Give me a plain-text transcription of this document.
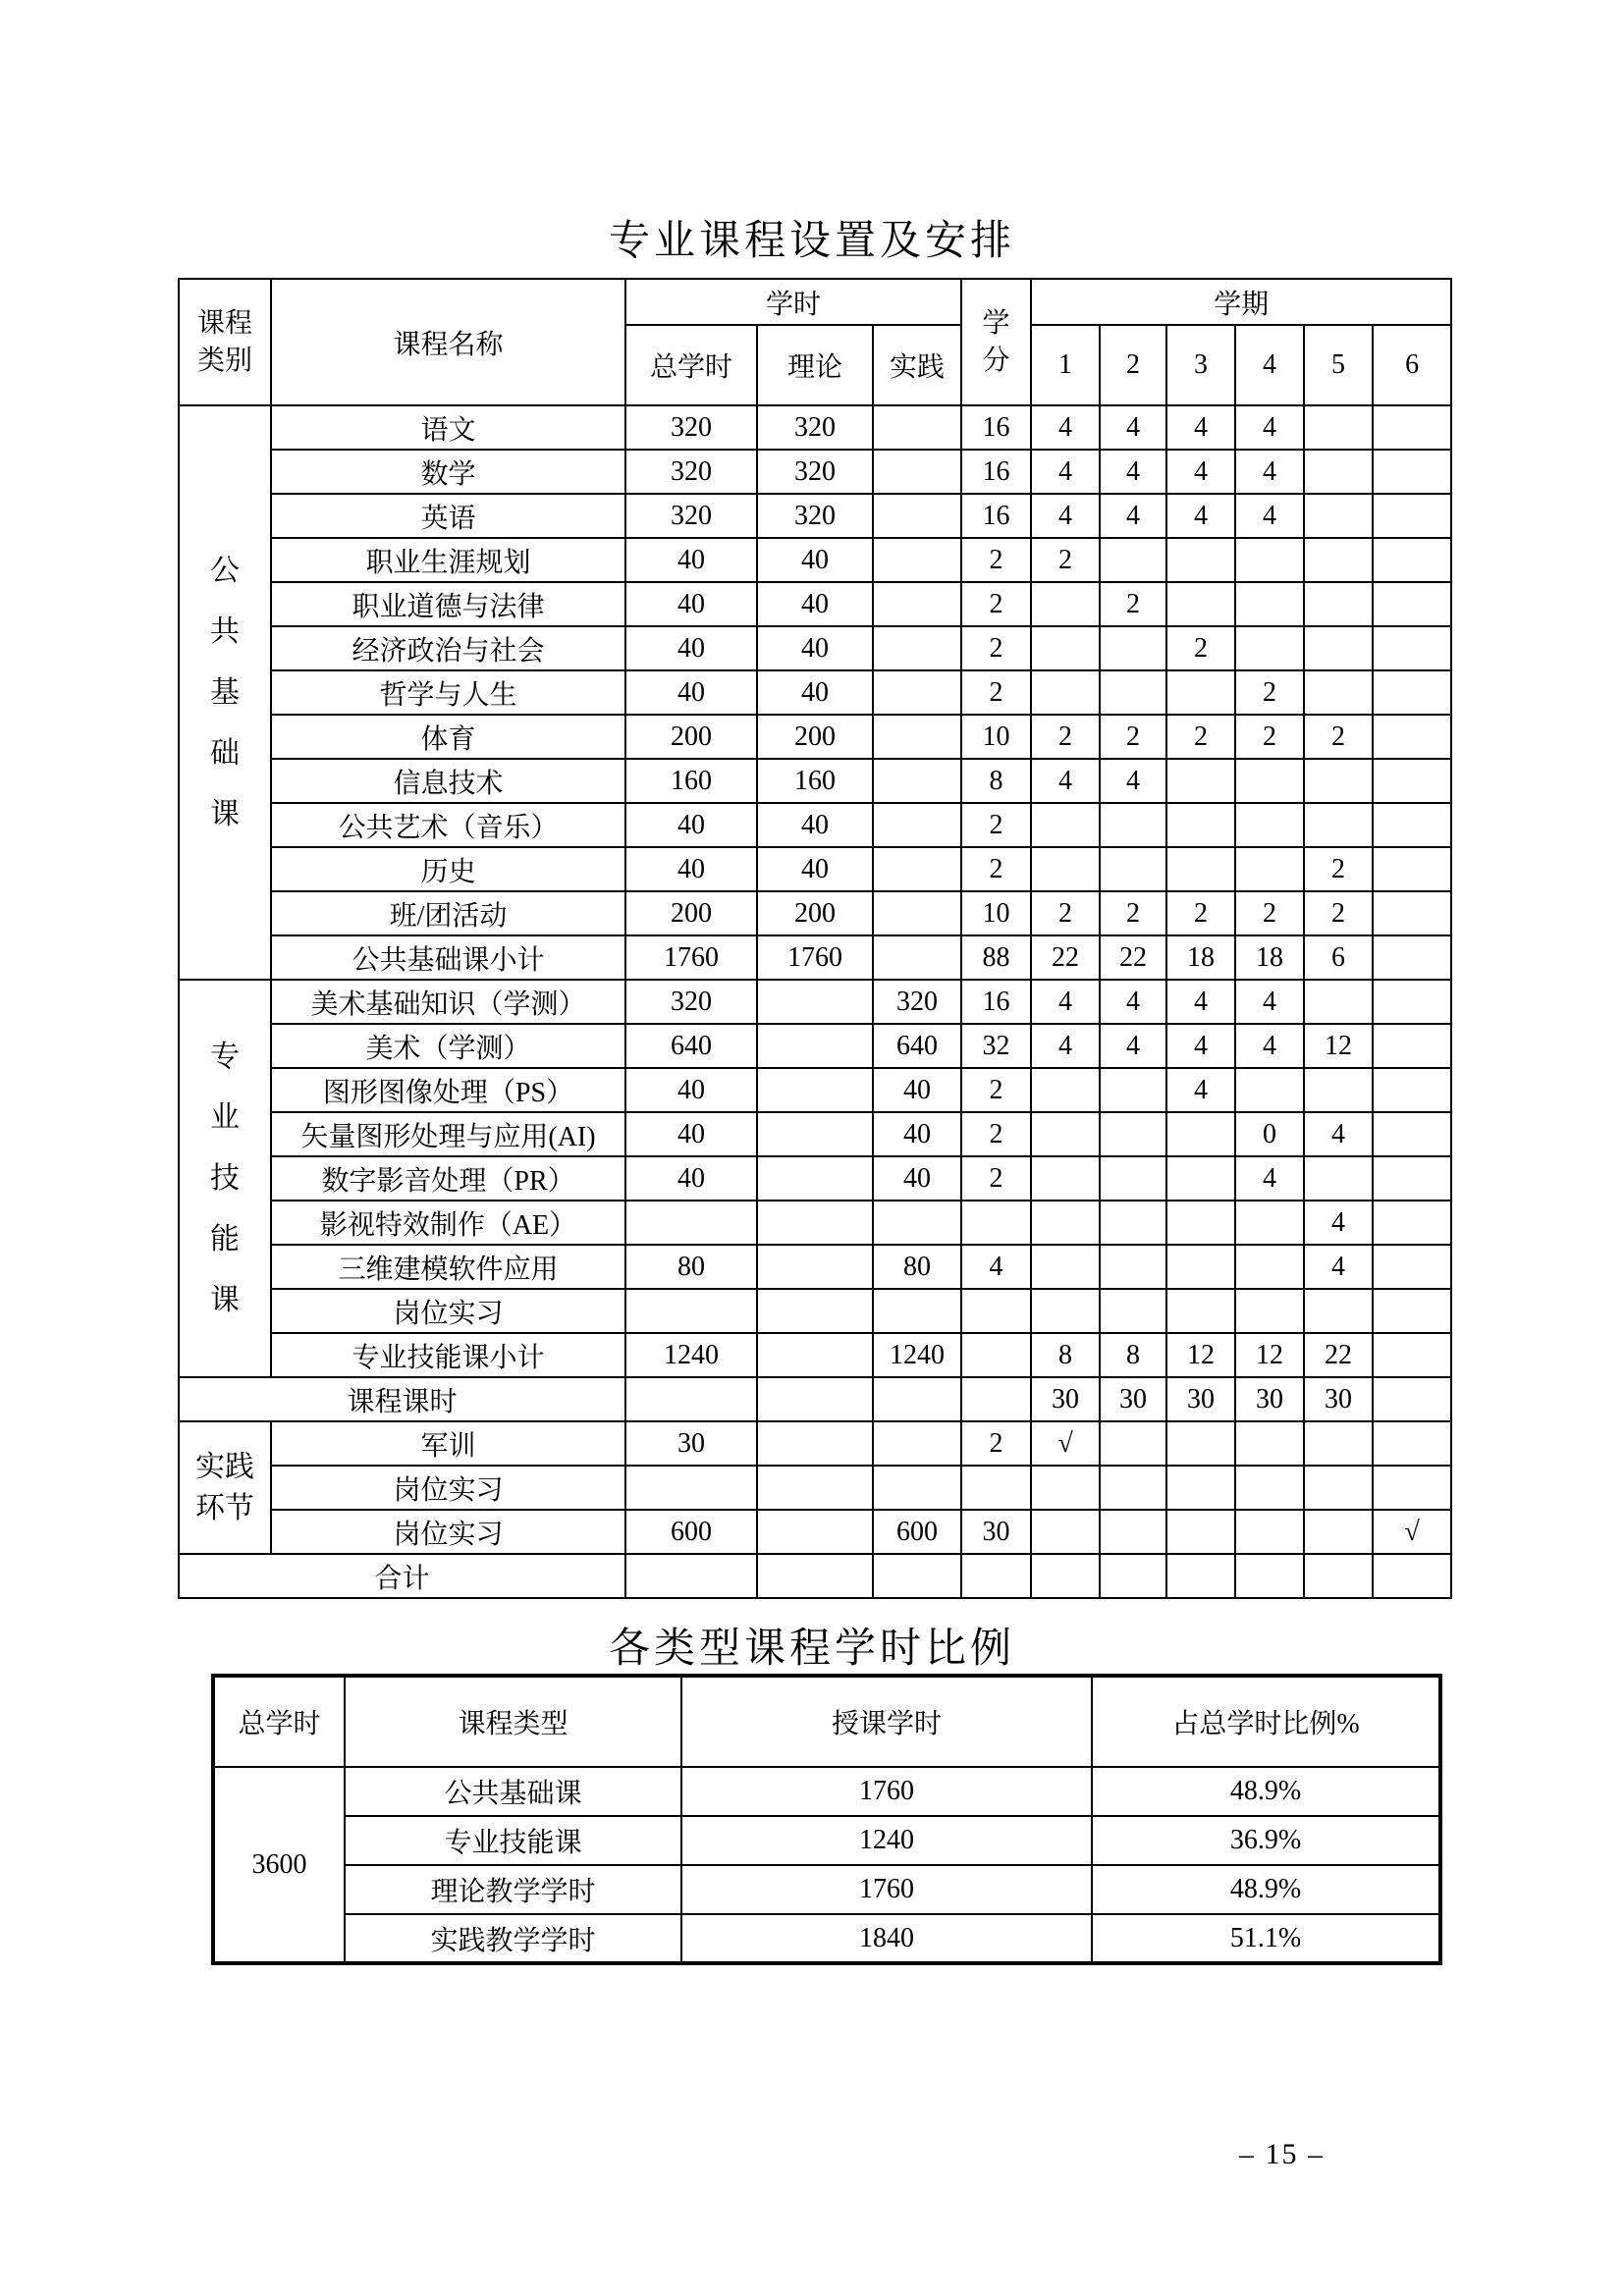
专业课程设置及安排
课程类别	课程名称	学时			学分	学期					
		总学时	理论	实践		1	2	3	4	5	6
公共基础课	语文	320	320		16	4	4	4	4		
	数学	320	320		16	4	4	4	4		
	英语	320	320		16	4	4	4	4		
	职业生涯规划	40	40		2	2					
	职业道德与法律	40	40		2		2				
	经济政治与社会	40	40		2			2			
	哲学与人生	40	40		2				2		
	体育	200	200		10	2	2	2	2	2	
	信息技术	160	160		8	4	4				
	公共艺术（音乐）	40	40		2						
	历史	40	40		2					2	
	班/团活动	200	200		10	2	2	2	2	2	
	公共基础课小计	1760	1760		88	22	22	18	18	6	
专业技能课	美术基础知识（学测）	320		320	16	4	4	4	4		
	美术（学测）	640		640	32	4	4	4	4	12	
	图形图像处理（PS）	40		40	2			4			
	矢量图形处理与应用(AI)	40		40	2				0	4	
	数字影音处理（PR）	40		40	2				4		
	影视特效制作（AE）									4	
	三维建模软件应用	80		80	4					4	
	岗位实习										
	专业技能课小计	1240		1240		8	8	12	12	22	
课程课时						30	30	30	30	30	
实践环节	军训	30			2	√					
	岗位实习										
	岗位实习	600		600	30						√
合计											
各类型课程学时比例
总学时	课程类型	授课学时	占总学时比例%
3600	公共基础课	1760	48.9%
	专业技能课	1240	36.9%
	理论教学学时	1760	48.9%
	实践教学学时	1840	51.1%
– 15 –
